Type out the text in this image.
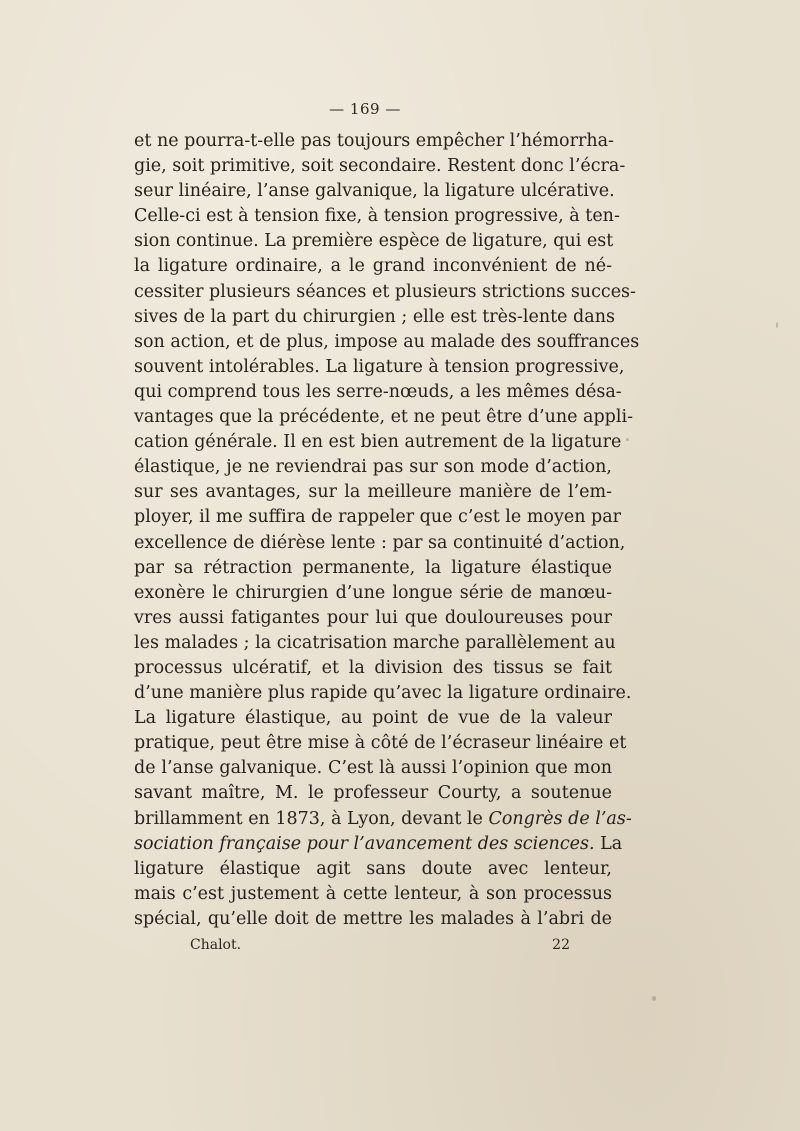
— 169 —
et ne pourra-t-elle pas toujours empêcher l’hémorrha-
gie, soit primitive, soit secondaire. Restent donc l’écra-
seur linéaire, l’anse galvanique, la ligature ulcérative.
Celle-ci est à tension fixe, à tension progressive, à ten-
sion continue. La première espèce de ligature, qui est
la ligature ordinaire, a le grand inconvénient de né-
cessiter plusieurs séances et plusieurs strictions succes-
sives de la part du chirurgien ; elle est très-lente dans
son action, et de plus, impose au malade des souffrances
souvent intolérables. La ligature à tension progressive,
qui comprend tous les serre-nœuds, a les mêmes désa-
vantages que la précédente, et ne peut être d’une appli-
cation générale. Il en est bien autrement de la ligature
élastique, je ne reviendrai pas sur son mode d’action,
sur ses avantages, sur la meilleure manière de l’em-
ployer, il me suffira de rappeler que c’est le moyen par
excellence de diérèse lente : par sa continuité d’action,
par sa rétraction permanente, la ligature élastique
exonère le chirurgien d’une longue série de manœu-
vres aussi fatigantes pour lui que douloureuses pour
les malades ; la cicatrisation marche parallèlement au
processus ulcératif, et la division des tissus se fait
d’une manière plus rapide qu’avec la ligature ordinaire.
La ligature élastique, au point de vue de la valeur
pratique, peut être mise à côté de l’écraseur linéaire et
de l’anse galvanique. C’est là aussi l’opinion que mon
savant maître, M. le professeur Courty, a soutenue
brillamment en 1873, à Lyon, devant le Congrès de l’as-
sociation française pour l’avancement des sciences. La
ligature élastique agit sans doute avec lenteur,
mais c’est justement à cette lenteur, à son processus
spécial, qu’elle doit de mettre les malades à l’abri de
Chalot.	22
